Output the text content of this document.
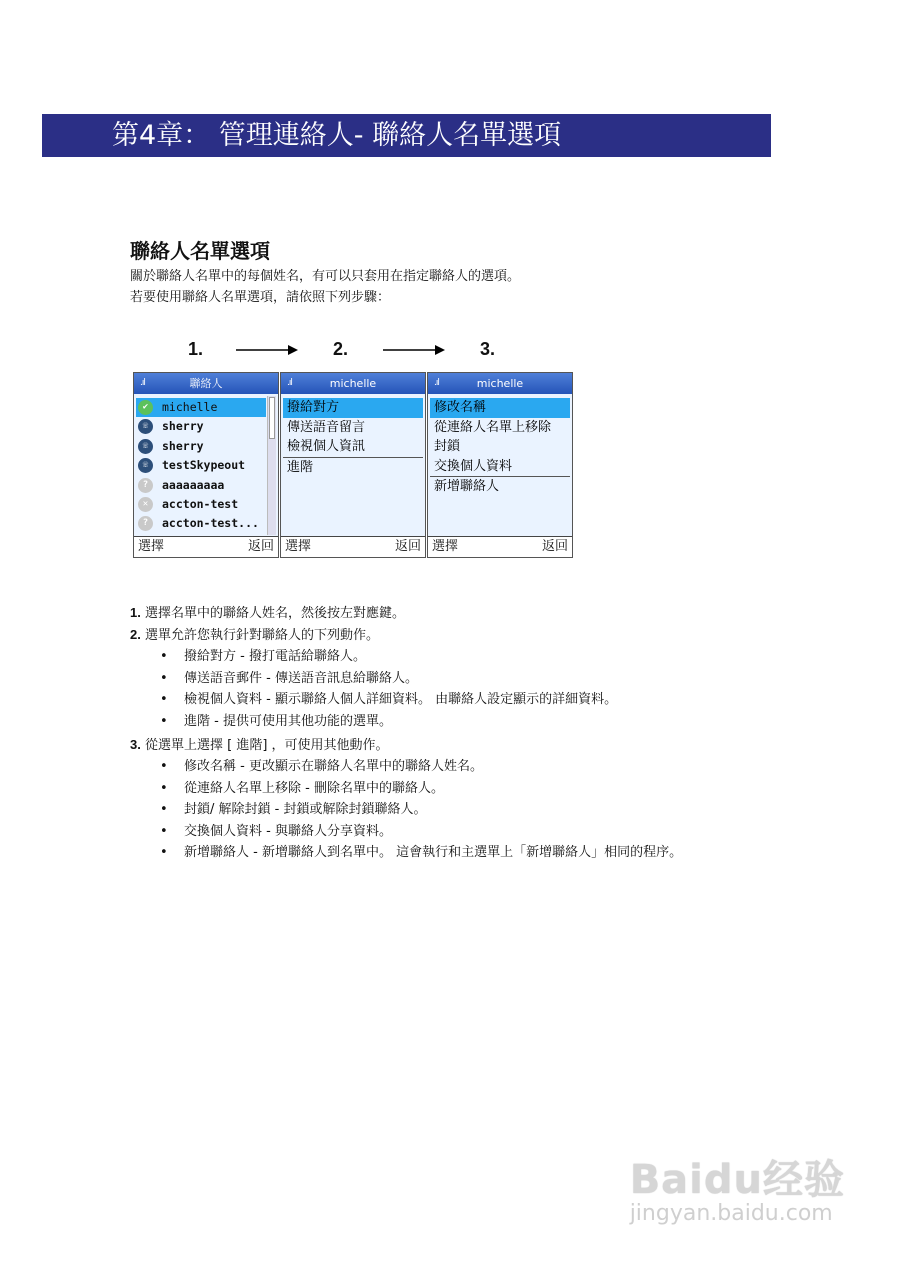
第4章： 管理連絡人- 聯絡人名單選項
聯絡人名單選項
關於聯絡人名單中的每個姓名，有可以只套用在指定聯絡人的選項。
若要使用聯絡人名單選項，請依照下列步驟：
1.	2.	3.
.ıl	聯絡人
✔	michelle
☏	sherry
☏	sherry
☏	testSkypeout
?	aaaaaaaaa
✕	accton-test
?	accton-test...
選擇	返回
.ıl	michelle
撥給對方
傳送語音留言
檢視個人資訊
進階
選擇	返回
.ıl	michelle
修改名稱
從連絡人名單上移除
封鎖
交換個人資料
新增聯絡人
選擇	返回
1. 選擇名單中的聯絡人姓名，然後按左對應鍵。
2. 選單允許您執行針對聯絡人的下列動作。
• 撥給對方 - 撥打電話給聯絡人。
• 傳送語音郵件 - 傳送語音訊息給聯絡人。
• 檢視個人資料 - 顯示聯絡人個人詳細資料。 由聯絡人設定顯示的詳細資料。
• 進階 - 提供可使用其他功能的選單。
3. 從選單上選擇 [ 進階] ，可使用其他動作。
• 修改名稱 - 更改顯示在聯絡人名單中的聯絡人姓名。
• 從連絡人名單上移除 - 刪除名單中的聯絡人。
• 封鎖/ 解除封鎖 - 封鎖或解除封鎖聯絡人。
• 交換個人資料 - 與聯絡人分享資料。
• 新增聯絡人 - 新增聯絡人到名單中。 這會執行和主選單上「新增聯絡人」相同的程序。
Baidu经验
jingyan.baidu.com
